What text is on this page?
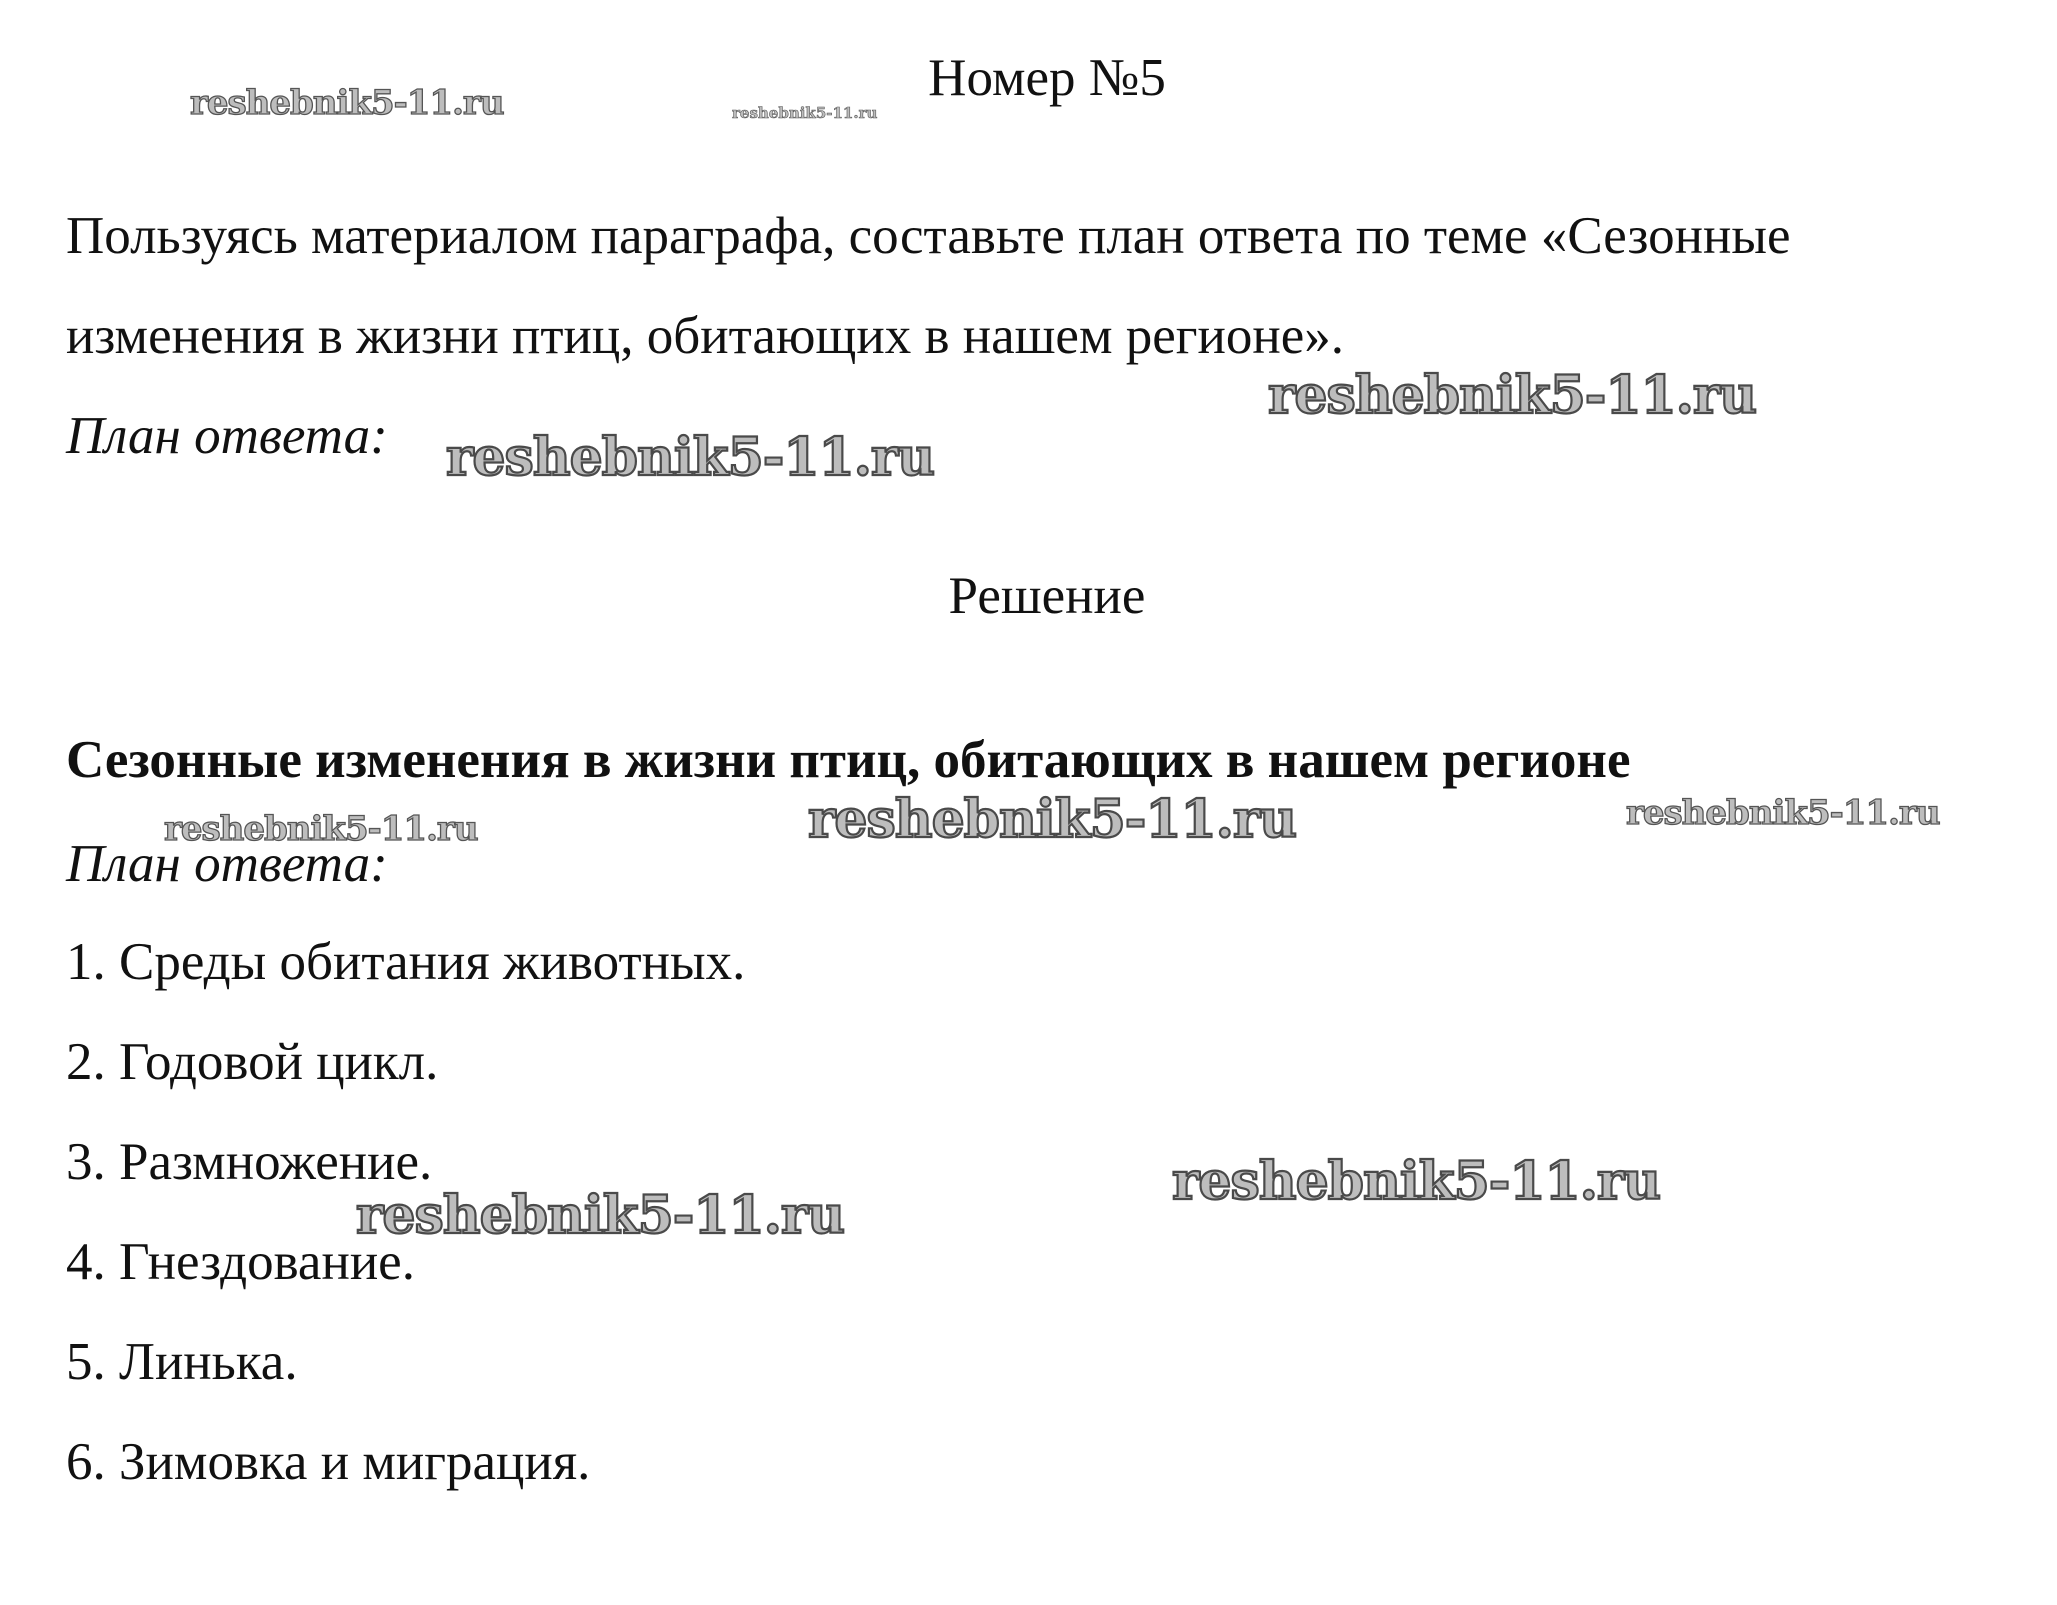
Номер №5

Пользуясь материалом параграфа, составьте план ответа по теме «Сезонные

изменения в жизни птиц, обитающих в нашем регионе».

План ответа:

Решение

Сезонные изменения в жизни птиц, обитающих в нашем регионе

План ответа:

1. Среды обитания животных.

2. Годовой цикл.

3. Размножение.

4. Гнездование.

5. Линька.

6. Зимовка и миграция.

reshebnik5-11.ru	reshebnik5-11.ru
reshebnik5-11.ru
reshebnik5-11.ru
reshebnik5-11.ru	reshebnik5-11.ru	reshebnik5-11.ru
reshebnik5-11.ru
reshebnik5-11.ru
